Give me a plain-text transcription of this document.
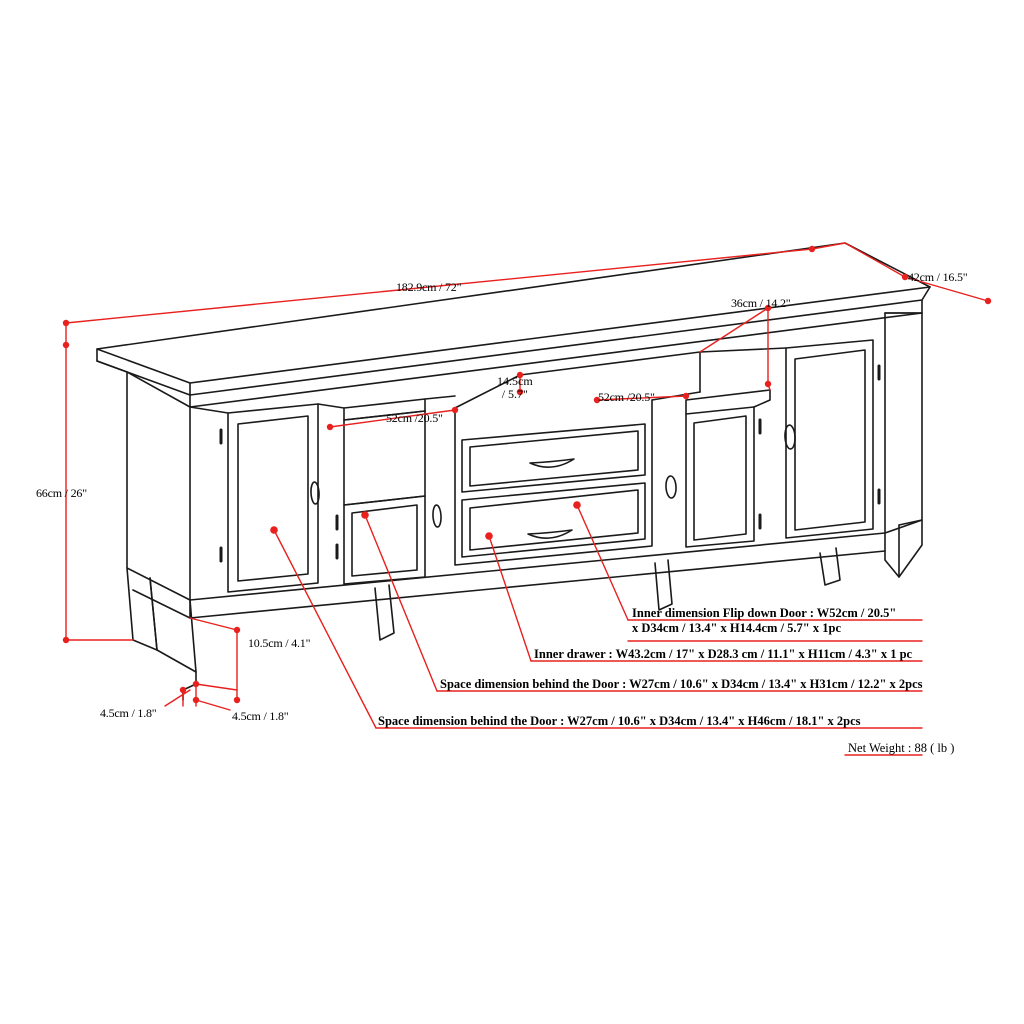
182.9cm / 72"
42cm / 16.5"
66cm / 26"
36cm / 14.2"
14.5cm
/ 5.7"	52cm /20.5"
52cm /20.5"
10.5cm / 4.1"
4.5cm / 1.8"	4.5cm / 1.8"
Inner dimension Flip down Door : W52cm / 20.5"
x D34cm / 13.4" x H14.4cm / 5.7" x 1pc
Inner drawer : W43.2cm / 17" x D28.3 cm / 11.1" x H11cm / 4.3" x 1 pc
Space dimension behind the Door : W27cm / 10.6" x D34cm / 13.4" x H31cm / 12.2" x 2pcs
Space dimension behind the Door : W27cm / 10.6" x D34cm / 13.4" x H46cm / 18.1" x 2pcs
Net Weight : 88 ( lb )
